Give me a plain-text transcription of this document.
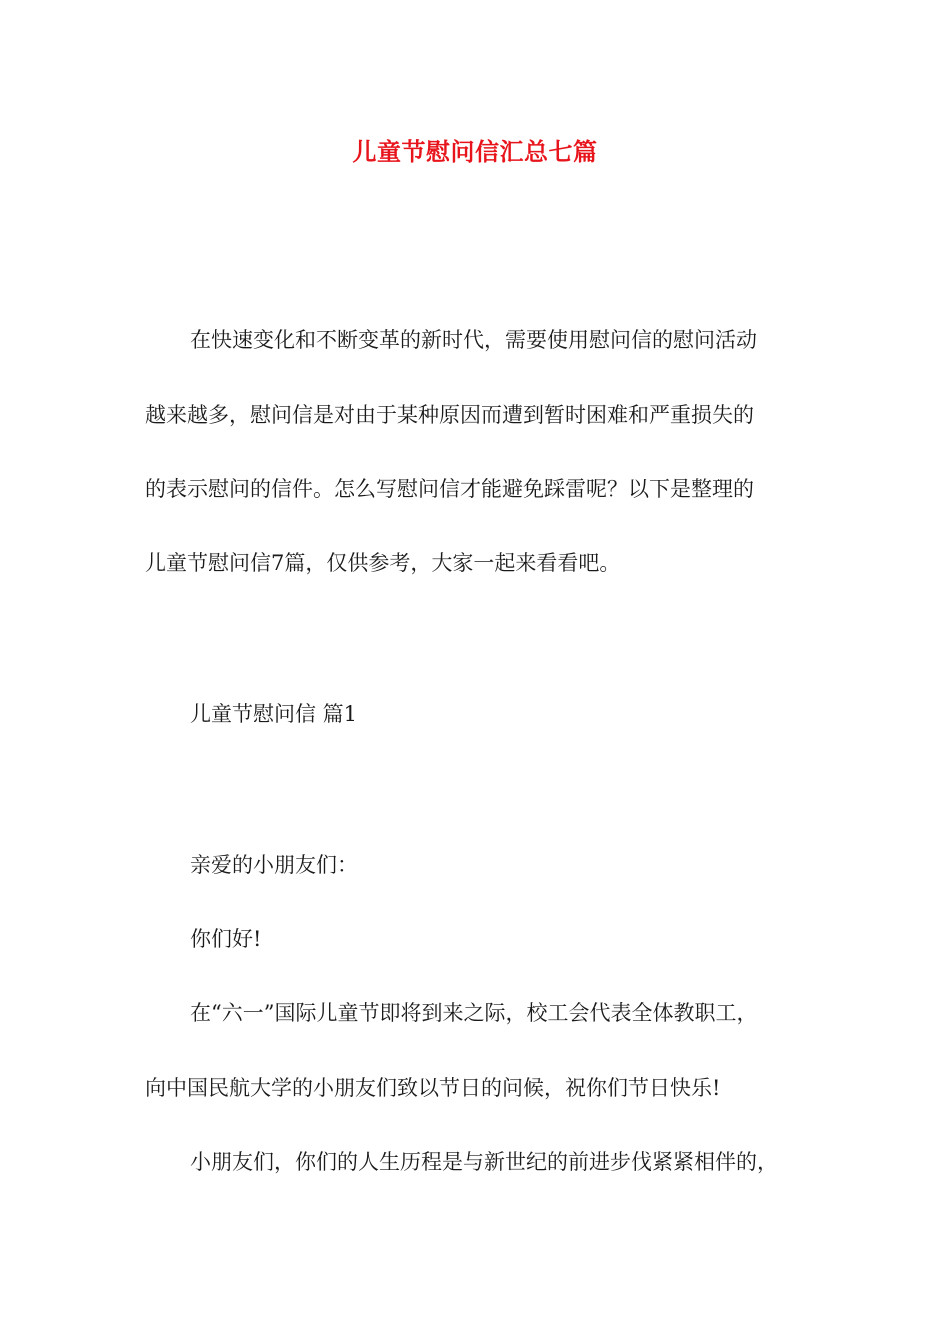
儿童节慰问信汇总七篇
在快速变化和不断变革的新时代，需要使用慰问信的慰问活动
越来越多，慰问信是对由于某种原因而遭到暂时困难和严重损失的
的表示慰问的信件。怎么写慰问信才能避免踩雷呢？以下是整理的
儿童节慰问信7篇，仅供参考，大家一起来看看吧。
儿童节慰问信 篇1
亲爱的小朋友们：
你们好!
在“六一”国际儿童节即将到来之际，校工会代表全体教职工，
向中国民航大学的小朋友们致以节日的问候，祝你们节日快乐!
小朋友们，你们的人生历程是与新世纪的前进步伐紧紧相伴的，
